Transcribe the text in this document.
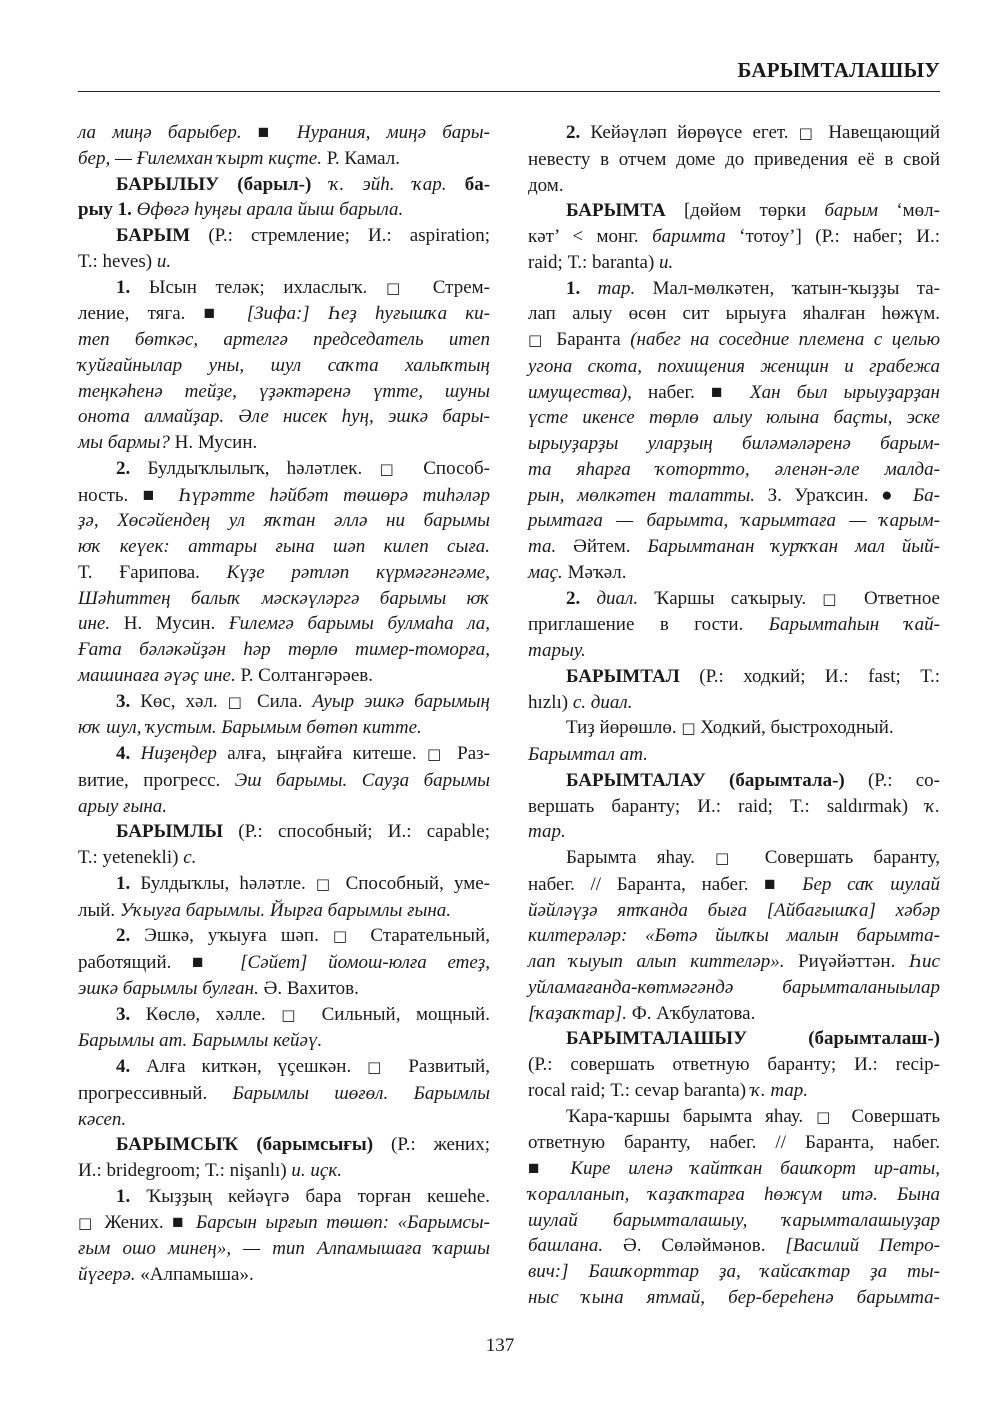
БАРЫМТАЛАШЫУ
ла миңә барыбер. ■ Нурания, миңә бары-
бер, — Ғилемхан ҡырт киҫте. Р. Камал.
БАРЫЛЫУ (барыл-) ҡ. эйһ. ҡар. ба-
рыу 1. Өфөгә һуңғы арала йыш барыла.
БАРЫМ (Р.: стремление; И.: aspiration;
Т.: heves) и.
1. Ысын теләк; ихласлыҡ. □ Стрем-
ление, тяга. ■ [Зифа:] Һеҙ һуғышҡа ки-
теп бөткәс, артелгә председатель итеп
ҡуйғайнылар уны, шул саҡта халыҡтың
теңкәһенә тейҙе, үҙәктәренә үтте, шуны
онота алмайҙар. Әле нисек һуң, эшкә бары-
мы бармы? Н. Мусин.
2. Булдыҡлылыҡ, һәләтлек. □ Способ-
ность. ■ Һүрәтте һәйбәт төшөрә тиһәләр
ҙә, Хөсәйендең ул яҡтан әллә ни барымы
юҡ кеүек: аттары ғына шәп килеп сыға.
Т. Ғарипова. Күҙе рәтләп күрмәгәнгәме,
Шәһиттең балыҡ мәскәүләргә барымы юҡ
ине. Н. Мусин. Ғилемгә барымы булмаһа ла,
Ғата бәләкәйҙән һәр төрлө тимер-томорға,
машинаға әүәҫ ине. Р. Солтангәрәев.
3. Көс, хәл. □ Сила. Ауыр эшкә барымың
юҡ шул, ҡустым. Барымым бөтөп китте.
4. Ниҙеңдер алға, ыңғайға китеше. □ Раз-
витие, прогресс. Эш барымы. Сауҙа барымы
арыу ғына.
БАРЫМЛЫ (Р.: способный; И.: capable;
Т.: yetenekli) с.
1. Булдыҡлы, һәләтле. □ Способный, уме-
лый. Уҡыуға барымлы. Йырға барымлы ғына.
2. Эшкә, уҡыуға шәп. □ Старательный,
работящий. ■ [Сәйет] йомош-юлға етеҙ,
эшкә барымлы булған. Ә. Вахитов.
3. Көслө, хәлле. □ Сильный, мощный.
Барымлы ат. Барымлы кейәү.
4. Алға киткән, үҫешкән. □ Развитый,
прогрессивный. Барымлы шөғөл. Барымлы
кәсеп.
БАРЫМСЫҠ (барымсығы) (Р.: жених;
И.: bridegroom; Т.: nişanlı) и. иҫк.
1. Ҡыҙҙың кейәүгә бара торған кешеһе.
□ Жених. ■ Барсын ырғып төшөп: «Барымсы-
ғым ошо минең», — тип Алпамышаға ҡаршы
йүгерә. «Алпамыша».
2. Кейәүләп йөрөүсе егет. □ Навещающий
невесту в отчем доме до приведения её в свой
дом.
БАРЫМТА [дөйөм төрки барым ‘мөл-
кәт’ < монг. баримта ‘тотоу’] (Р.: набег; И.:
raid; Т.: baranta) и.
1. тар. Мал-мөлкәтен, ҡатын-ҡыҙҙы та-
лап алыу өсөн сит ырыуға яһалған һөжүм.
□ Баранта (набег на соседние племена с целью
угона скота, похищения женщин и грабежа
имущества), набег. ■ Хан был ырыуҙарҙан
үсте икенсе төрлө алыу юлына баҫты, эске
ырыуҙарҙы уларҙың биләмәләренә барым-
та яһарға ҡотортто, әленән-әле малда-
рын, мөлкәтен талатты. З. Ураҡсин. ● Ба-
рымтаға — барымта, ҡарымтаға — ҡарым-
та. Әйтем. Барымтанан ҡурҡҡан мал йый-
маҫ. Мәҡәл.
2. диал. Ҡаршы саҡырыу. □ Ответное
приглашение в гости. Барымтаһын ҡай-
тарыу.
БАРЫМТАЛ (Р.: ходкий; И.: fast; Т.:
hızlı) с. диал.
Тиҙ йөрөшлө. □ Ходкий, быстроходный.
Барымтал ат.
БАРЫМТАЛАУ (барымтала-) (Р.: со-
вершать баранту; И.: raid; Т.: saldırmak) ҡ.
тар.
Барымта яһау. □ Совершать баранту,
набег. // Баранта, набег. ■ Бер саҡ шулай
йәйләүҙә ятҡанда быға [Айбағышҡа] хәбәр
килтерәләр: «Бөтә йылҡы малын барымта-
лап ҡыуып алып киттеләр». Риүәйәттән. Һис
уйламағанда-көтмәгәндә барымталаныылар
[ҡаҙаҡтар]. Ф. Аҡбулатова.
БАРЫМТАЛАШЫУ	(барымталаш-)
(Р.: совершать ответную баранту; И.: recip-
rocal raid; Т.: cevap baranta) ҡ. тар.
Ҡара-ҡаршы барымта яһау. □ Совершать
ответную баранту, набег. // Баранта, набег.
■ Кире иленә ҡайтҡан башҡорт ир-аты,
ҡоралланып, ҡаҙаҡтарға һөжүм итә. Бына
шулай барымталашыу, ҡарымталашыуҙар
башлана. Ә. Сөләймәнов. [Василий Петро-
вич:] Башҡорттар ҙа, ҡайсаҡтар ҙа ты-
ныс ҡына ятмай, бер-береһенә барымта-
137
